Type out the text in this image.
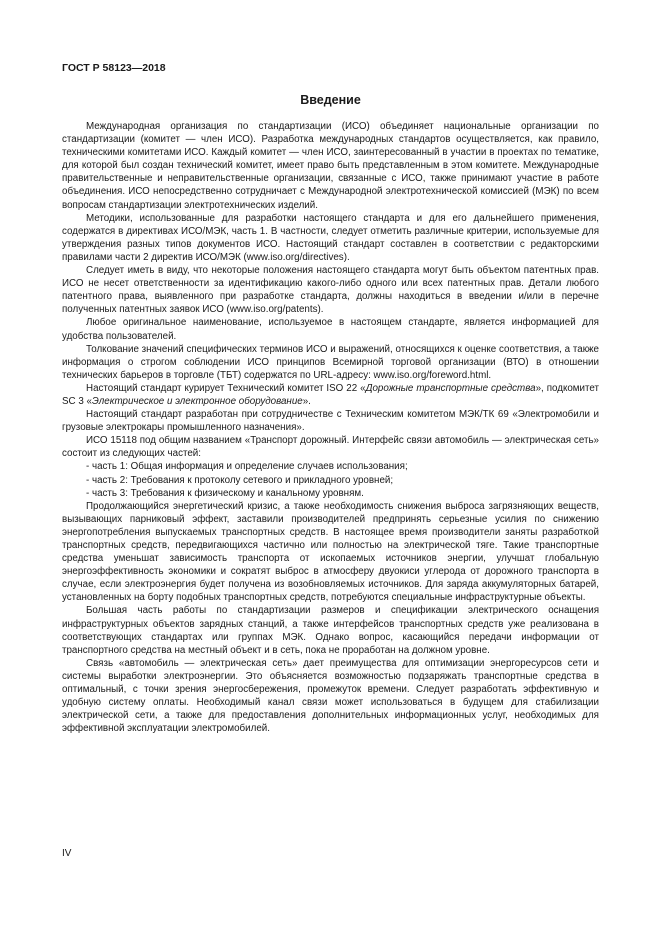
ГОСТ Р 58123—2018
Введение

Международная организация по стандартизации (ИСО) объединяет национальные организации по стандартизации (комитет — член ИСО). Разработка международных стандартов осуществляется, как правило, техническими комитетами ИСО. Каждый комитет — член ИСО, заинтересованный в участии в проектах по тематике, для которой был создан технический комитет, имеет право быть представленным в этом комитете. Международные правительственные и неправительственные организации, связанные с ИСО, также принимают участие в работе объединения. ИСО непосредственно сотрудничает с Международной электротехнической комиссией (МЭК) по всем вопросам стандартизации электротехнических изделий.

Методики, использованные для разработки настоящего стандарта и для его дальнейшего применения, содержатся в директивах ИСО/МЭК, часть 1. В частности, следует отметить различные критерии, используемые для утверждения разных типов документов ИСО. Настоящий стандарт составлен в соответствии с редакторскими правилами части 2 директив ИСО/МЭК (www.iso.org/directives).

Следует иметь в виду, что некоторые положения настоящего стандарта могут быть объектом патентных прав. ИСО не несет ответственности за идентификацию какого-либо одного или всех патентных прав. Детали любого патентного права, выявленного при разработке стандарта, должны находиться в введении и/или в перечне полученных патентных заявок ИСО (www.iso.org/patents).

Любое оригинальное наименование, используемое в настоящем стандарте, является информацией для удобства пользователей.

Толкование значений специфических терминов ИСО и выражений, относящихся к оценке соответствия, а также информация о строгом соблюдении ИСО принципов Всемирной торговой организации (ВТО) в отношении технических барьеров в торговле (ТБТ) содержатся по URL-адресу: www.iso.org/foreword.html.

Настоящий стандарт курирует Технический комитет ISO 22 «Дорожные транспортные средства», подкомитет SC 3 «Электрическое и электронное оборудование».

Настоящий стандарт разработан при сотрудничестве с Техническим комитетом МЭК/ТК 69 «Электромобили и грузовые электрокары промышленного назначения».

ИСО 15118 под общим названием «Транспорт дорожный. Интерфейс связи автомобиль — электрическая сеть» состоит из следующих частей:

- часть 1: Общая информация и определение случаев использования;

- часть 2: Требования к протоколу сетевого и прикладного уровней;

- часть 3: Требования к физическому и канальному уровням.

Продолжающийся энергетический кризис, а также необходимость снижения выброса загрязняющих веществ, вызывающих парниковый эффект, заставили производителей предпринять серьезные усилия по снижению энергопотребления выпускаемых транспортных средств. В настоящее время производители заняты разработкой транспортных средств, передвигающихся частично или полностью на электрической тяге. Такие транспортные средства уменьшат зависимость транспорта от ископаемых источников энергии, улучшат глобальную энергоэффективность экономики и сократят выброс в атмосферу двуокиси углерода от дорожного транспорта в случае, если электроэнергия будет получена из возобновляемых источников. Для заряда аккумуляторных батарей, установленных на борту подобных транспортных средств, потребуются специальные инфраструктурные объекты.

Большая часть работы по стандартизации размеров и спецификации электрического оснащения инфраструктурных объектов зарядных станций, а также интерфейсов транспортных средств уже реализована в соответствующих стандартах или группах МЭК. Однако вопрос, касающийся передачи информации от транспортного средства на местный объект и в сеть, пока не проработан на должном уровне.

Связь «автомобиль — электрическая сеть» дает преимущества для оптимизации энергоресурсов сети и системы выработки электроэнергии. Это объясняется возможностью подзаряжать транспортные средства в оптимальный, с точки зрения энергосбережения, промежуток времени. Следует разработать эффективную и удобную систему оплаты. Необходимый канал связи может использоваться в будущем для стабилизации электрической сети, а также для предоставления дополнительных информационных услуг, необходимых для эффективной эксплуатации электромобилей.

IV
